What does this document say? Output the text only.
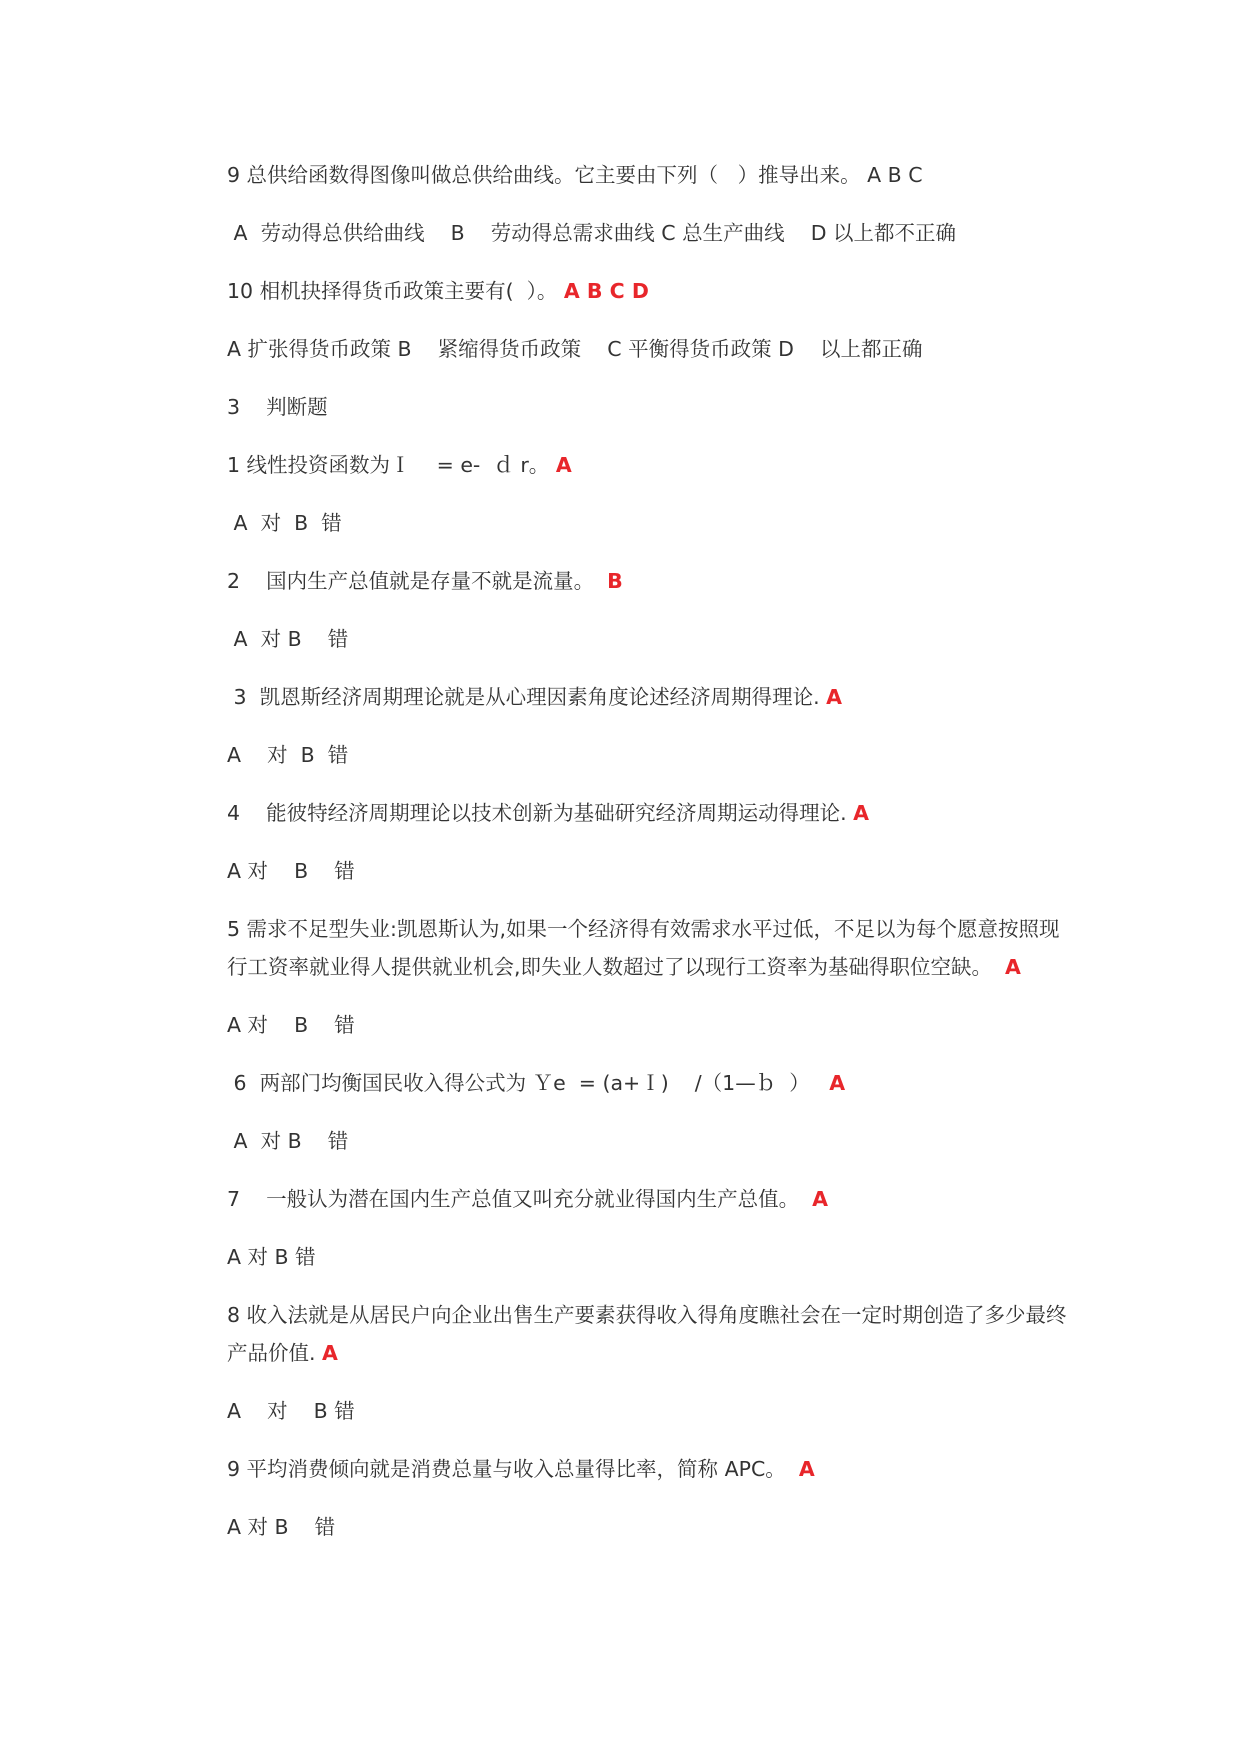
9 总供给函数得图像叫做总供给曲线。它主要由下列（   ）推导出来。 A B C

A  劳动得总供给曲线    B    劳动得总需求曲线 C 总生产曲线    D 以上都不正确

10 相机抉择得货币政策主要有(  ）。 A B C D

A 扩张得货币政策 B    紧缩得货币政策    C 平衡得货币政策 D    以上都正确

3    判断题

1 线性投资函数为Ｉ    = e-  ｄ r。 A

A  对  B  错

2    国内生产总值就是存量不就是流量。  B

A  对 B    错

3  凯恩斯经济周期理论就是从心理因素角度论述经济周期得理论. A

A    对  B  错

4    能彼特经济周期理论以技术创新为基础研究经济周期运动得理论. A

A 对    B    错

5 需求不足型失业:凯恩斯认为,如果一个经济得有效需求水平过低，不足以为每个愿意按照现行工资率就业得人提供就业机会,即失业人数超过了以现行工资率为基础得职位空缺。  A

A 对    B    错

6  两部门均衡国民收入得公式为 Ｙe  = (a+Ｉ)    /（1—ｂ  ）   A

A  对 B    错

7    一般认为潜在国内生产总值又叫充分就业得国内生产总值。  A

A 对 B 错

8 收入法就是从居民户向企业出售生产要素获得收入得角度瞧社会在一定时期创造了多少最终产品价值. A

A    对    B 错

9 平均消费倾向就是消费总量与收入总量得比率，简称 APC。  A

A 对 B    错
